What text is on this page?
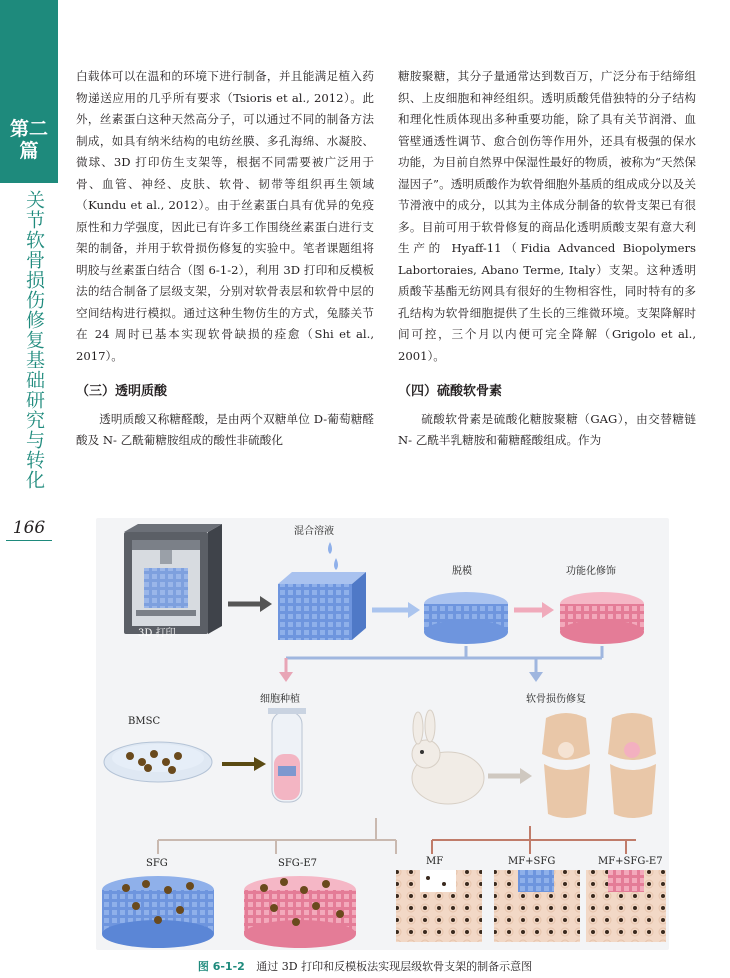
第二篇
关节软骨损伤修复基础研究与转化
166

白载体可以在温和的环境下进行制备，并且能满足植入药物递送应用的几乎所有要求（Tsioris et al., 2012）。此外，丝素蛋白这种天然高分子，可以通过不同的制备方法制成，如具有纳米结构的电纺丝膜、多孔海绵、水凝胶、微球、3D 打印仿生支架等，根据不同需要被广泛用于骨、血管、神经、皮肤、软骨、韧带等组织再生领域（Kundu et al., 2012）。由于丝素蛋白具有优异的免疫原性和力学强度，因此已有许多工作围绕丝素蛋白进行支架的制备，并用于软骨损伤修复的实验中。笔者课题组将明胶与丝素蛋白结合（图 6-1-2），利用 3D 打印和反模板法的结合制备了层级支架，分别对软骨表层和软骨中层的空间结构进行模拟。通过这种生物仿生的方式，兔膝关节在 24 周时已基本实现软骨缺损的痊愈（Shi et al., 2017）。

（三）透明质酸

透明质酸又称糖醛酸，是由两个双糖单位 D-葡萄糖醛酸及 N- 乙酰葡糖胺组成的酸性非硫酸化

糖胺聚糖，其分子量通常达到数百万，广泛分布于结缔组织、上皮细胞和神经组织。透明质酸凭借独特的分子结构和理化性质体现出多种重要功能，除了具有关节润滑、血管壁通透性调节、愈合创伤等作用外，还具有极强的保水功能，为目前自然界中保湿性最好的物质，被称为“天然保湿因子”。透明质酸作为软骨细胞外基质的组成成分以及关节滑液中的成分，以其为主体成分制备的软骨支架已有很多。目前可用于软骨修复的商品化透明质酸支架有意大利生产的 Hyaff-11（Fidia Advanced Biopolymers Labortoraies, Abano Terme, Italy）支架。这种透明质酸苄基酯无纺网具有很好的生物相容性，同时特有的多孔结构为软骨细胞提供了生长的三维微环境。支架降解时间可控，三个月以内便可完全降解（Grigolo et al., 2001）。

（四）硫酸软骨素

硫酸软骨素是硫酸化糖胺聚糖（GAG），由交替糖链 N- 乙酰半乳糖胺和葡糖醛酸组成。作为

3D 打印
混合溶液
脱模	功能化修饰
细胞种植
BMSC
软骨损伤修复
SFG	SFG-E7	MF	MF+SFG	MF+SFG-E7
图 6-1-2 通过 3D 打印和反模板法实现层级软骨支架的制备示意图
